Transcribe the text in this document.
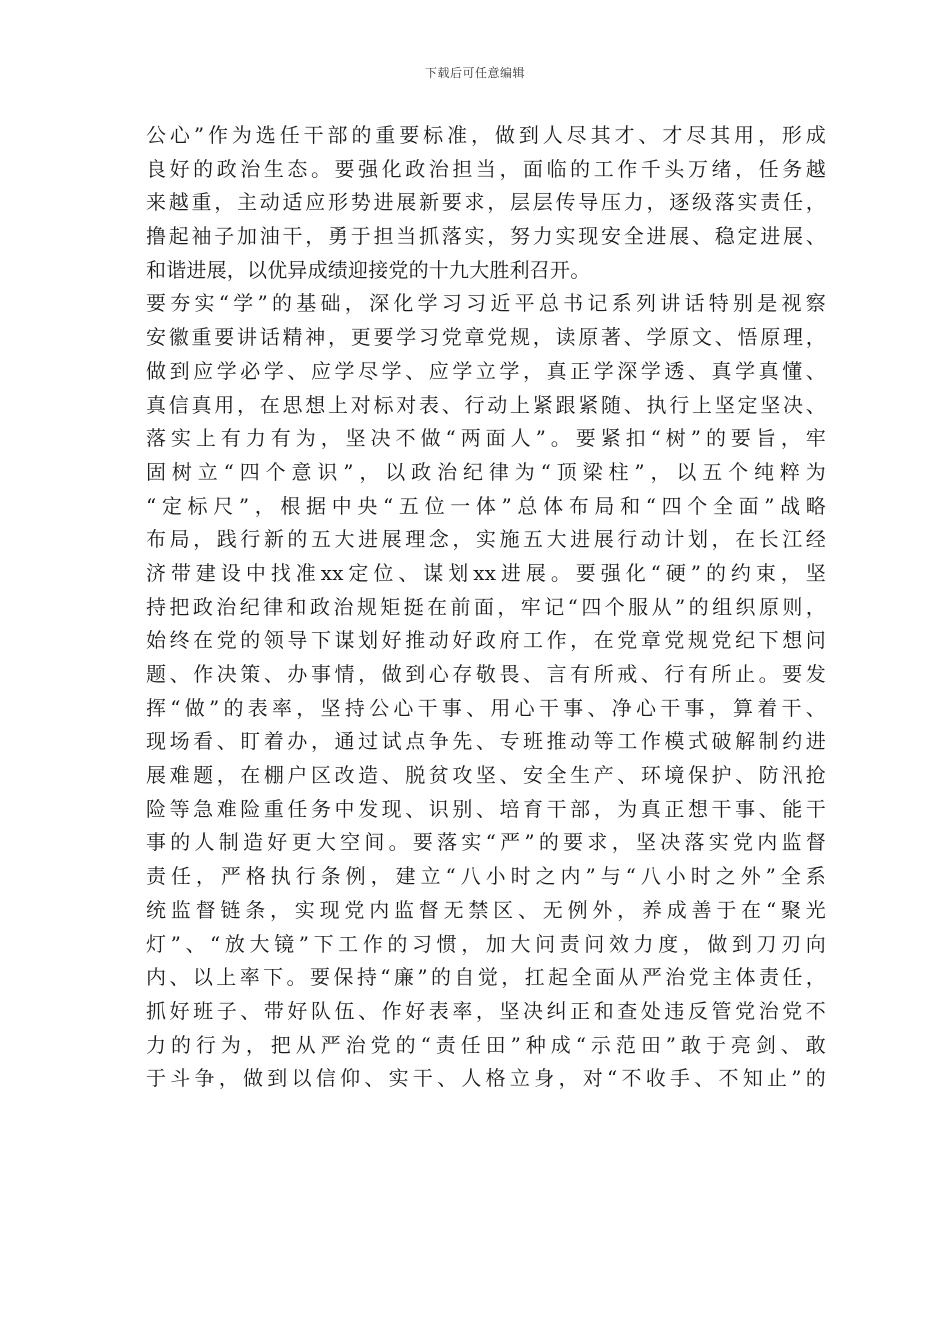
下载后可任意编辑
公心”作为选任干部的重要标准，做到人尽其才、才尽其用，形成
良好的政治生态。要强化政治担当，面临的工作千头万绪，任务越
来越重，主动适应形势进展新要求，层层传导压力，逐级落实责任，
撸起袖子加油干，勇于担当抓落实，努力实现安全进展、稳定进展、
和谐进展，以优异成绩迎接党的十九大胜利召开。
要夯实“学”的基础，深化学习习近平总书记系列讲话特别是视察
安徽重要讲话精神，更要学习党章党规，读原著、学原文、悟原理，
做到应学必学、应学尽学、应学立学，真正学深学透、真学真懂、
真信真用，在思想上对标对表、行动上紧跟紧随、执行上坚定坚决、
落实上有力有为，坚决不做“两面人”。要紧扣“树”的要旨，牢
固树立“四个意识”，以政治纪律为“顶梁柱”，以五个纯粹为
“定标尺”，根据中央“五位一体”总体布局和“四个全面”战略
布局，践行新的五大进展理念，实施五大进展行动计划，在长江经
济带建设中找准xx定位、谋划xx进展。要强化“硬”的约束，坚
持把政治纪律和政治规矩挺在前面，牢记“四个服从”的组织原则，
始终在党的领导下谋划好推动好政府工作，在党章党规党纪下想问
题、作决策、办事情，做到心存敬畏、言有所戒、行有所止。要发
挥“做”的表率，坚持公心干事、用心干事、净心干事，算着干、
现场看、盯着办，通过试点争先、专班推动等工作模式破解制约进
展难题，在棚户区改造、脱贫攻坚、安全生产、环境保护、防汛抢
险等急难险重任务中发现、识别、培育干部，为真正想干事、能干
事的人制造好更大空间。要落实“严”的要求，坚决落实党内监督
责任，严格执行条例，建立“八小时之内”与“八小时之外”全系
统监督链条，实现党内监督无禁区、无例外，养成善于在“聚光
灯”、“放大镜”下工作的习惯，加大问责问效力度，做到刀刃向
内、以上率下。要保持“廉”的自觉，扛起全面从严治党主体责任，
抓好班子、带好队伍、作好表率，坚决纠正和查处违反管党治党不
力的行为，把从严治党的“责任田”种成“示范田”敢于亮剑、敢
于斗争，做到以信仰、实干、人格立身，对“不收手、不知止”的
